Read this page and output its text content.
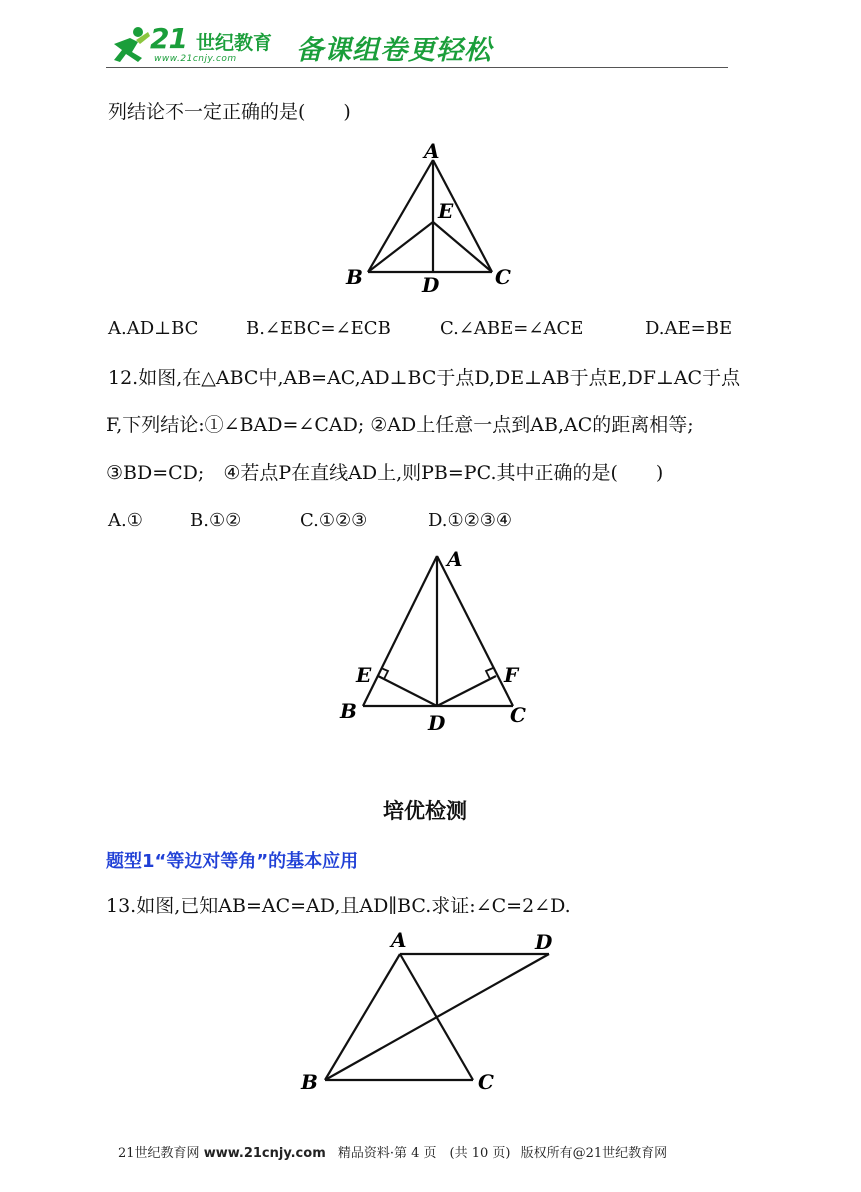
21 世纪教育
www.21cnjy.com 备课组卷更轻松
列结论不一定正确的是(　　)
A
B	C
D
E
A.AD⊥BC	B.∠EBC=∠ECB	C.∠ABE=∠ACE	D.AE=BE
12.如图,在△ABC中,AB=AC,AD⊥BC于点D,DE⊥AB于点E,DF⊥AC于点
F,下列结论:①∠BAD=∠CAD; ②AD上任意一点到AB,AC的距离相等;
③BD=CD;　④若点P在直线AD上,则PB=PC.其中正确的是(　　)
A.①	B.①②	C.①②③	D.①②③④
A
B	C
D
E	F
培优检测
题型1“等边对等角”的基本应用
13.如图,已知AB=AC=AD,且AD∥BC.求证:∠C=2∠D.
A	D
B	C
21世纪教育网 www.21cnjy.com 精品资料·第 4 页　(共 10 页) 版权所有@21世纪教育网
